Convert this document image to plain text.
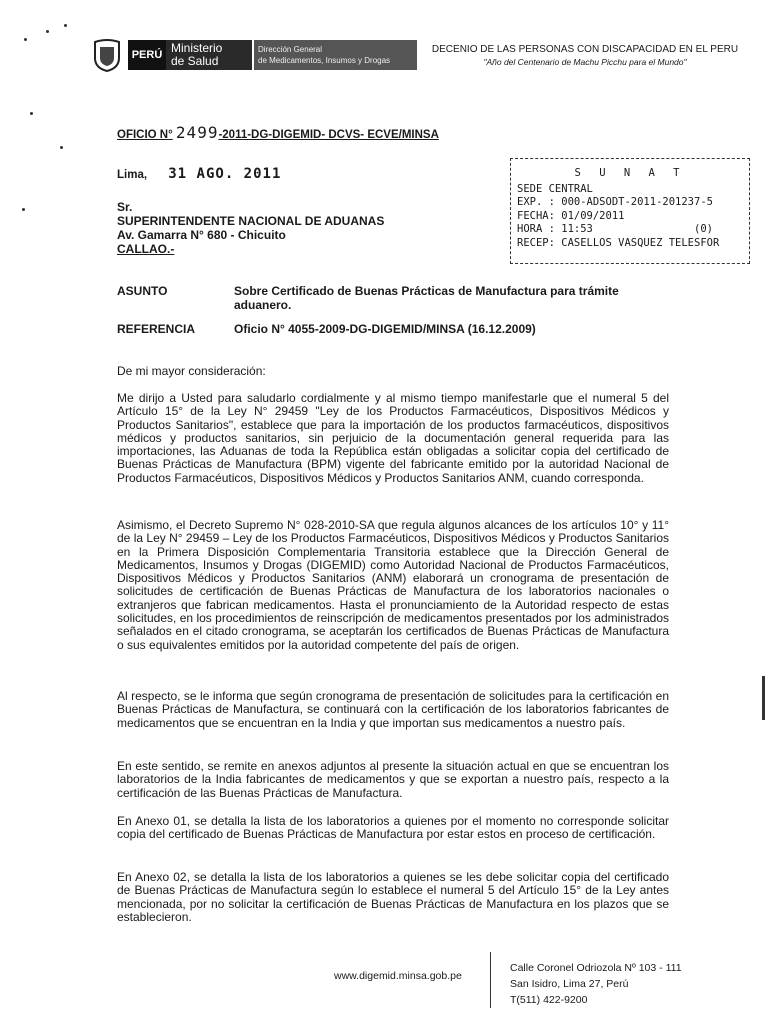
PERÚ Ministerio
de Salud
Dirección General
de Medicamentos, Insumos y Drogas
DECENIO DE LAS PERSONAS CON DISCAPACIDAD EN EL PERU
"Año del Centenario de Machu Picchu para el Mundo"
OFICIO N° 2499-2011-DG-DIGEMID- DCVS- ECVE/MINSA
Lima, 31 AGO. 2011
Sr.
SUPERINTENDENTE NACIONAL DE ADUANAS
Av. Gamarra N° 680 - Chicuito
CALLAO.-
S U N A T
SEDE CENTRAL
EXP. : 000-ADSODT-2011-201237-5
FECHA: 01/09/2011
HORA : 11:53                (0)
RECEP: CASELLOS VASQUEZ TELESFOR
ASUNTO	Sobre Certificado de Buenas Prácticas de Manufactura para trámite aduanero.
REFERENCIA	Oficio N° 4055-2009-DG-DIGEMID/MINSA (16.12.2009)
De mi mayor consideración:
Me dirijo a Usted para saludarlo cordialmente y al mismo tiempo manifestarle que el numeral 5 del Artículo 15° de la Ley N° 29459 "Ley de los Productos Farmacéuticos, Dispositivos Médicos y Productos Sanitarios", establece que para la importación de los productos farmacéuticos, dispositivos médicos y productos sanitarios, sin perjuicio de la documentación general requerida para las importaciones, las Aduanas de toda la República están obligadas a solicitar copia del certificado de Buenas Prácticas de Manufactura (BPM) vigente del fabricante emitido por la autoridad Nacional de Productos Farmacéuticos, Dispositivos Médicos y Productos Sanitarios ANM, cuando corresponda.
Asimismo, el Decreto Supremo N° 028-2010-SA que regula algunos alcances de los artículos 10° y 11° de la Ley N° 29459 – Ley de los Productos Farmacéuticos, Dispositivos Médicos y Productos Sanitarios en la Primera Disposición Complementaria Transitoria establece que la Dirección General de Medicamentos, Insumos y Drogas (DIGEMID) como Autoridad Nacional de Productos Farmacéuticos, Dispositivos Médicos y Productos Sanitarios (ANM) elaborará un cronograma de presentación de solicitudes de certificación de Buenas Prácticas de Manufactura de los laboratorios nacionales o extranjeros que fabrican medicamentos. Hasta el pronunciamiento de la Autoridad respecto de estas solicitudes, en los procedimientos de reinscripción de medicamentos presentados por los administrados señalados en el citado cronograma, se aceptarán los certificados de Buenas Prácticas de Manufactura o sus equivalentes emitidos por la autoridad competente del país de origen.
Al respecto, se le informa que según cronograma de presentación de solicitudes para la certificación en Buenas Prácticas de Manufactura, se continuará con la certificación de los laboratorios fabricantes de medicamentos que se encuentran en la India y que importan sus medicamentos a nuestro país.
En este sentido, se remite en anexos adjuntos al presente la situación actual en que se encuentran los laboratorios de la India fabricantes de medicamentos y que se exportan a nuestro país, respecto a la certificación de las Buenas Prácticas de Manufactura.
En Anexo 01, se detalla la lista de los laboratorios a quienes por el momento no corresponde solicitar copia del certificado de Buenas Prácticas de Manufactura por estar estos en proceso de certificación.
En Anexo 02, se detalla la lista de los laboratorios a quienes se les debe solicitar copia del certificado de Buenas Prácticas de Manufactura según lo establece el numeral 5 del Artículo 15° de la Ley antes mencionada, por no solicitar la certificación de Buenas Prácticas de Manufactura en los plazos que se establecieron.
www.digemid.minsa.gob.pe
Calle Coronel Odriozola Nº 103 - 111
San Isidro, Lima 27, Perú
T(511) 422-9200
